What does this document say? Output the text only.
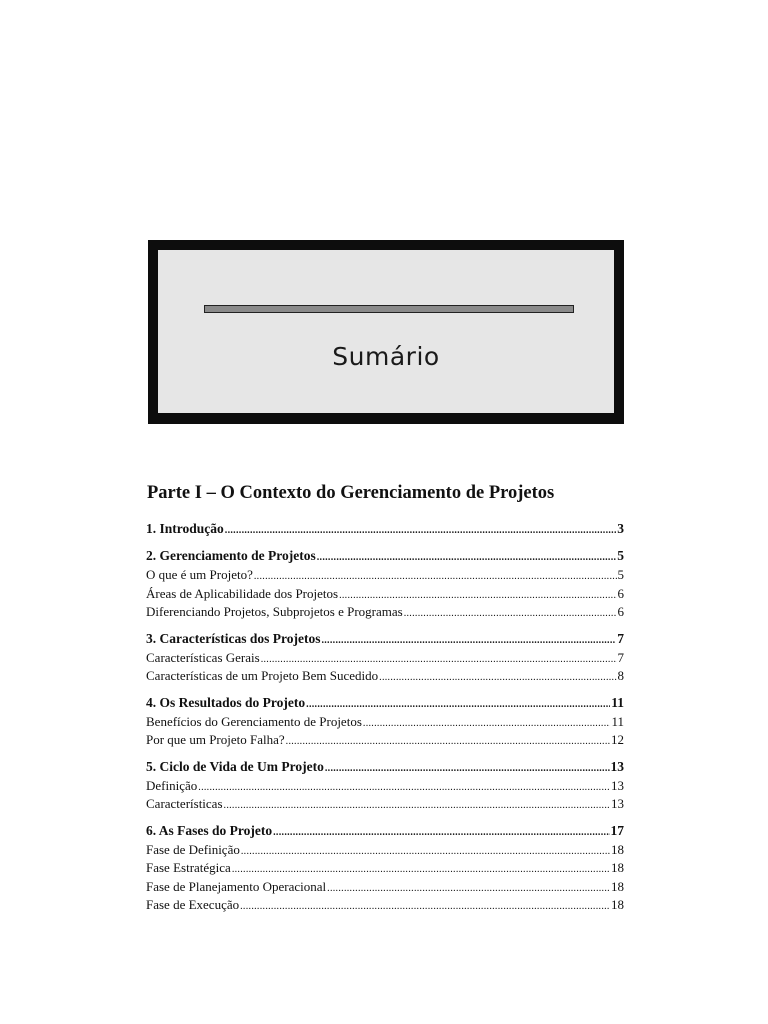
Sumário
Parte I – O Contexto do Gerenciamento de Projetos
1. Introdução .....	3
2. Gerenciamento de Projetos .....	5
O que é um Projeto? .....	5
Áreas de Aplicabilidade dos Projetos .....	6
Diferenciando Projetos, Subprojetos e Programas .....	6
3. Características dos Projetos .....	7
Características Gerais .....	7
Características de um Projeto Bem Sucedido .....	8
4. Os Resultados do Projeto .....	11
Benefícios do Gerenciamento de Projetos .....	11
Por que um Projeto Falha? .....	12
5. Ciclo de Vida de Um Projeto .....	13
Definição .....	13
Características .....	13
6. As Fases do Projeto .....	17
Fase de Definição .....	18
Fase Estratégica .....	18
Fase de Planejamento Operacional .....	18
Fase de Execução .....	18
